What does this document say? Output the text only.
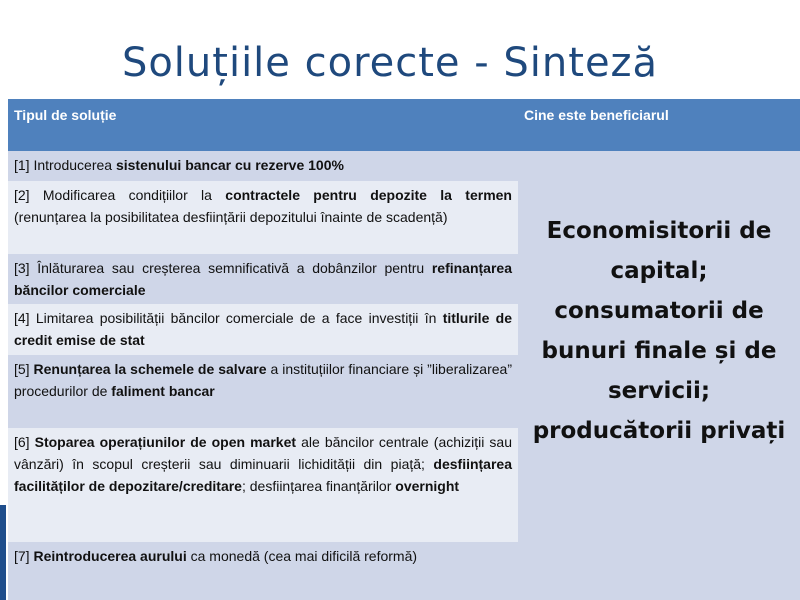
Soluțiile corecte - Sinteză
Tipul de soluție	Cine este beneficiarul
[1] Introducerea sistenului bancar cu rezerve 100%
[2] Modificarea condițiilor la contractele pentru depozite la termen (renunțarea la posibilitatea desființării depozitului înainte de scadență)
[3] Înlăturarea sau creșterea semnificativă a dobânzilor pentru refinanțarea băncilor comerciale
[4] Limitarea posibilității băncilor comerciale de a face investiții în titlurile de credit emise de stat
[5] Renunțarea la schemele de salvare a instituțiilor financiare și ”liberalizarea” procedurilor de faliment bancar
[6] Stoparea operațiunilor de open market ale băncilor centrale (achiziții sau vânzări) în scopul creșterii sau diminuarii lichidității din piață; desființarea facilităților de depozitare/creditare; desființarea finanțărilor overnight
[7] Reintroducerea aurului ca monedă (cea mai dificilă reformă)
Economisitorii de capital; consumatorii de bunuri finale și de servicii; producătorii privați
